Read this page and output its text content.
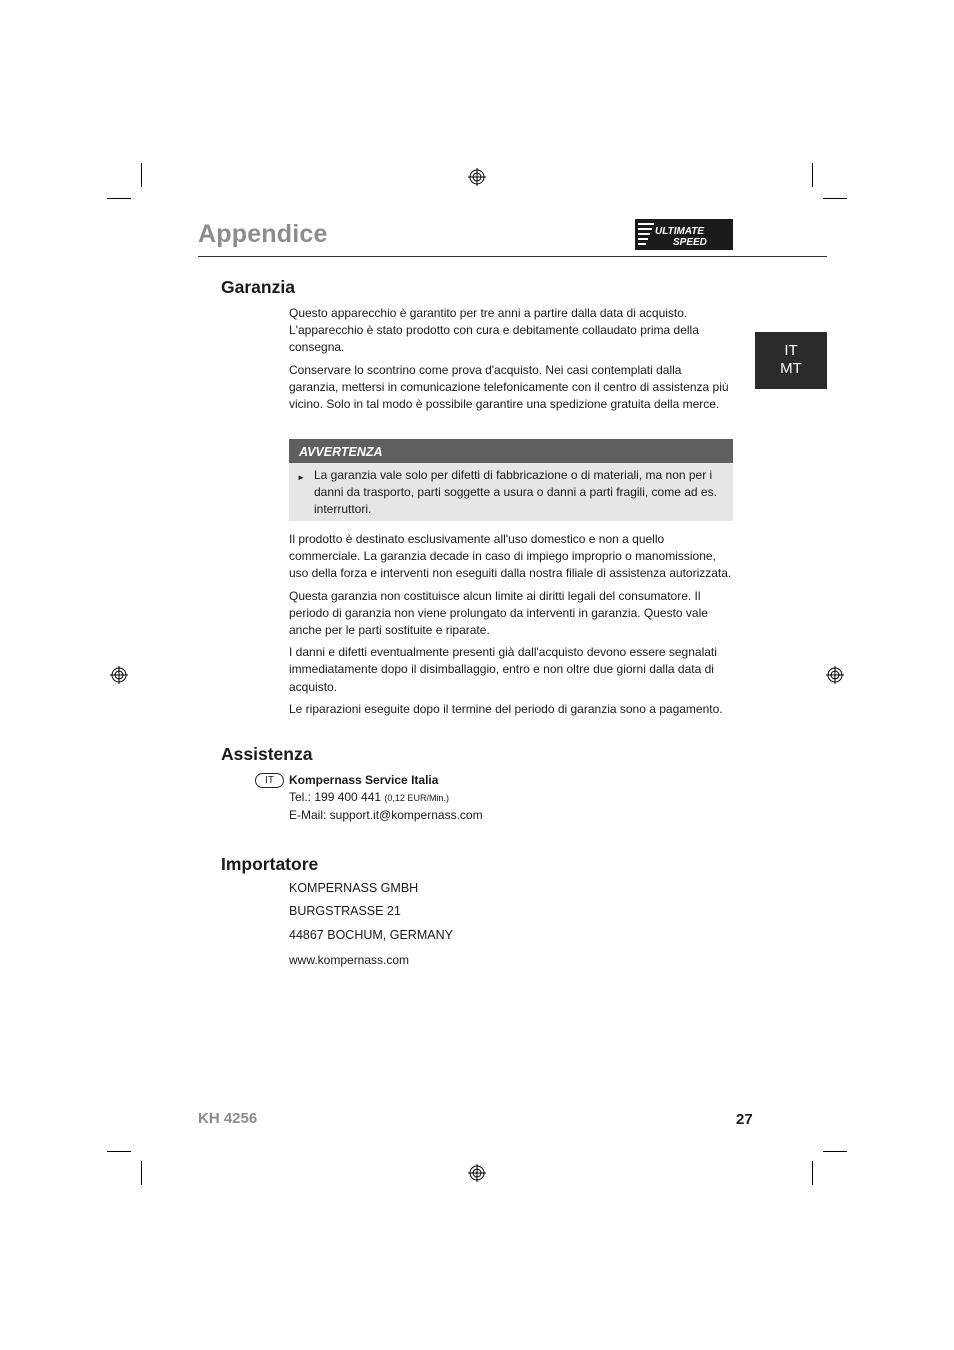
Appendice	ULTIMATE
SPEED
IT
MT
Garanzia

Questo apparecchio è garantito per tre anni a partire dalla data di acquisto. L'apparecchio è stato prodotto con cura e debitamente collaudato prima della consegna.

Conservare lo scontrino come prova d'acquisto. Nei casi contemplati dalla garanzia, mettersi in comunicazione telefonicamente con il centro di assistenza più vicino. Solo in tal modo è possibile garantire una spedizione gratuita della merce.

AVVERTENZA
► La garanzia vale solo per difetti di fabbricazione o di materiali, ma non per i danni da trasporto, parti soggette a usura o danni a parti fragili, come ad es. interruttori.

Il prodotto è destinato esclusivamente all'uso domestico e non a quello commerciale. La garanzia decade in caso di impiego improprio o manomissione, uso della forza e interventi non eseguiti dalla nostra filiale di assistenza autorizzata.

Questa garanzia non costituisce alcun limite ai diritti legali del consumatore. Il periodo di garanzia non viene prolungato da interventi in garanzia. Questo vale anche per le parti sostituite e riparate.

I danni e difetti eventualmente presenti già dall'acquisto devono essere segnalati immediatamente dopo il disimballaggio, entro e non oltre due giorni dalla data di acquisto.

Le riparazioni eseguite dopo il termine del periodo di garanzia sono a pagamento.

Assistenza
IT	Kompernass Service Italia
Tel.: 199 400 441 (0,12 EUR/Min.)
E-Mail: support.it@kompernass.com
Importatore
KOMPERNASS GMBH
BURGSTRASSE 21
44867 BOCHUM, GERMANY
www.kompernass.com
KH 4256	27
